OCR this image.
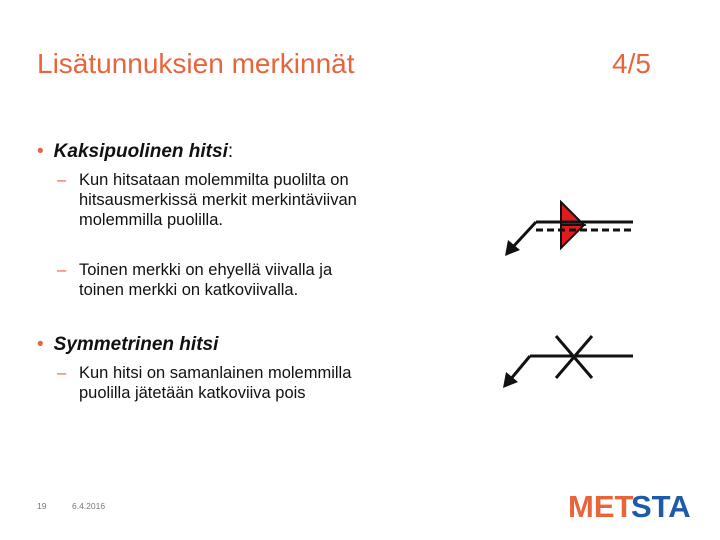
Lisätunnuksien merkinnät	4/5
• Kaksipuolinen hitsi:
– Kun hitsataan molemmilta puolilta on hitsausmerkissä merkit merkintäviivan molemmilla puolilla.
– Toinen merkki on ehyellä viivalla ja toinen merkki on katkoviivalla.
• Symmetrinen hitsi
– Kun hitsi on samanlainen molemmilla puolilla jätetään katkoviiva pois
19	6.4.2016	MET
STA
